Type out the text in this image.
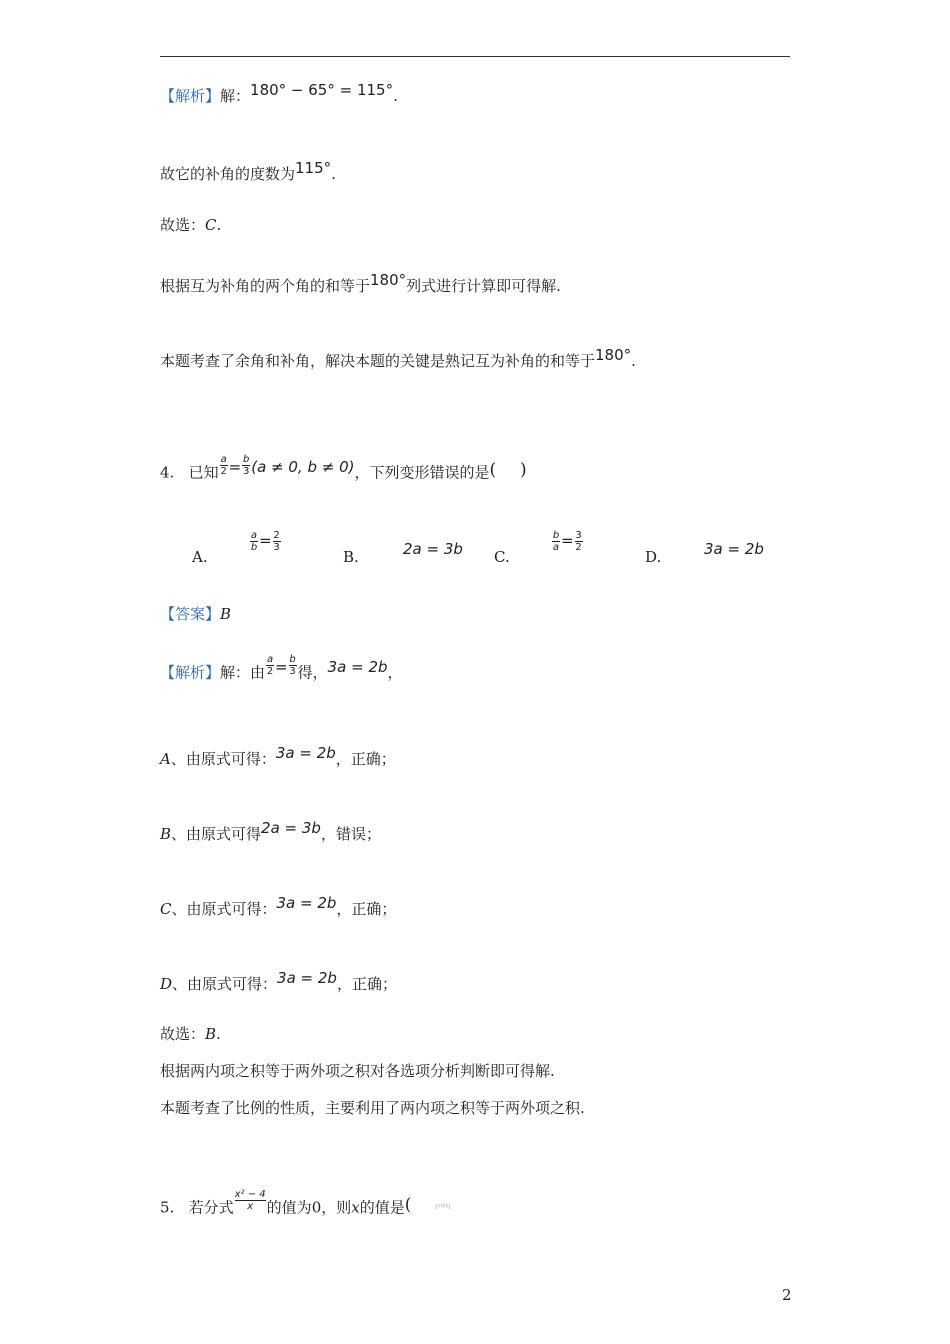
【解析】解：180° − 65° = 115°.
故它的补角的度数为115°.
故选：C.
根据互为补角的两个角的和等于180°列式进行计算即可得解.
本题考查了余角和补角，解决本题的关键是熟记互为补角的和等于180°.
4. 已知 $\frac{a}{2} = \frac{b}{3} (a \ne 0$, b ≠ 0)，下列变形错误的是( )
A.
$\frac{a}{b} = \frac{2}{3}$
B.	2a = 3b C.
$\frac{b}{a} = \frac{3}{2}$
D.	3a = 2b
【答案】B
【解析】解：由 $\frac{a}{2} = \frac{b}{3}$ 得，3a = 2b，
A、由原式可得：3a = 2b，正确；
B、由原式可得2a = 3b，错误；
C、由原式可得：3a = 2b，正确；
D、由原式可得：3a = 2b，正确；
故选：B.
根据两内项之积等于两外项之积对各选项分析判断即可得解.
本题考查了比例的性质，主要利用了两内项之积等于两外项之积.
5. 若分式 $\frac{\text{x² − 4}}{x}$ 的值为0，则x的值是(	[????]
2
